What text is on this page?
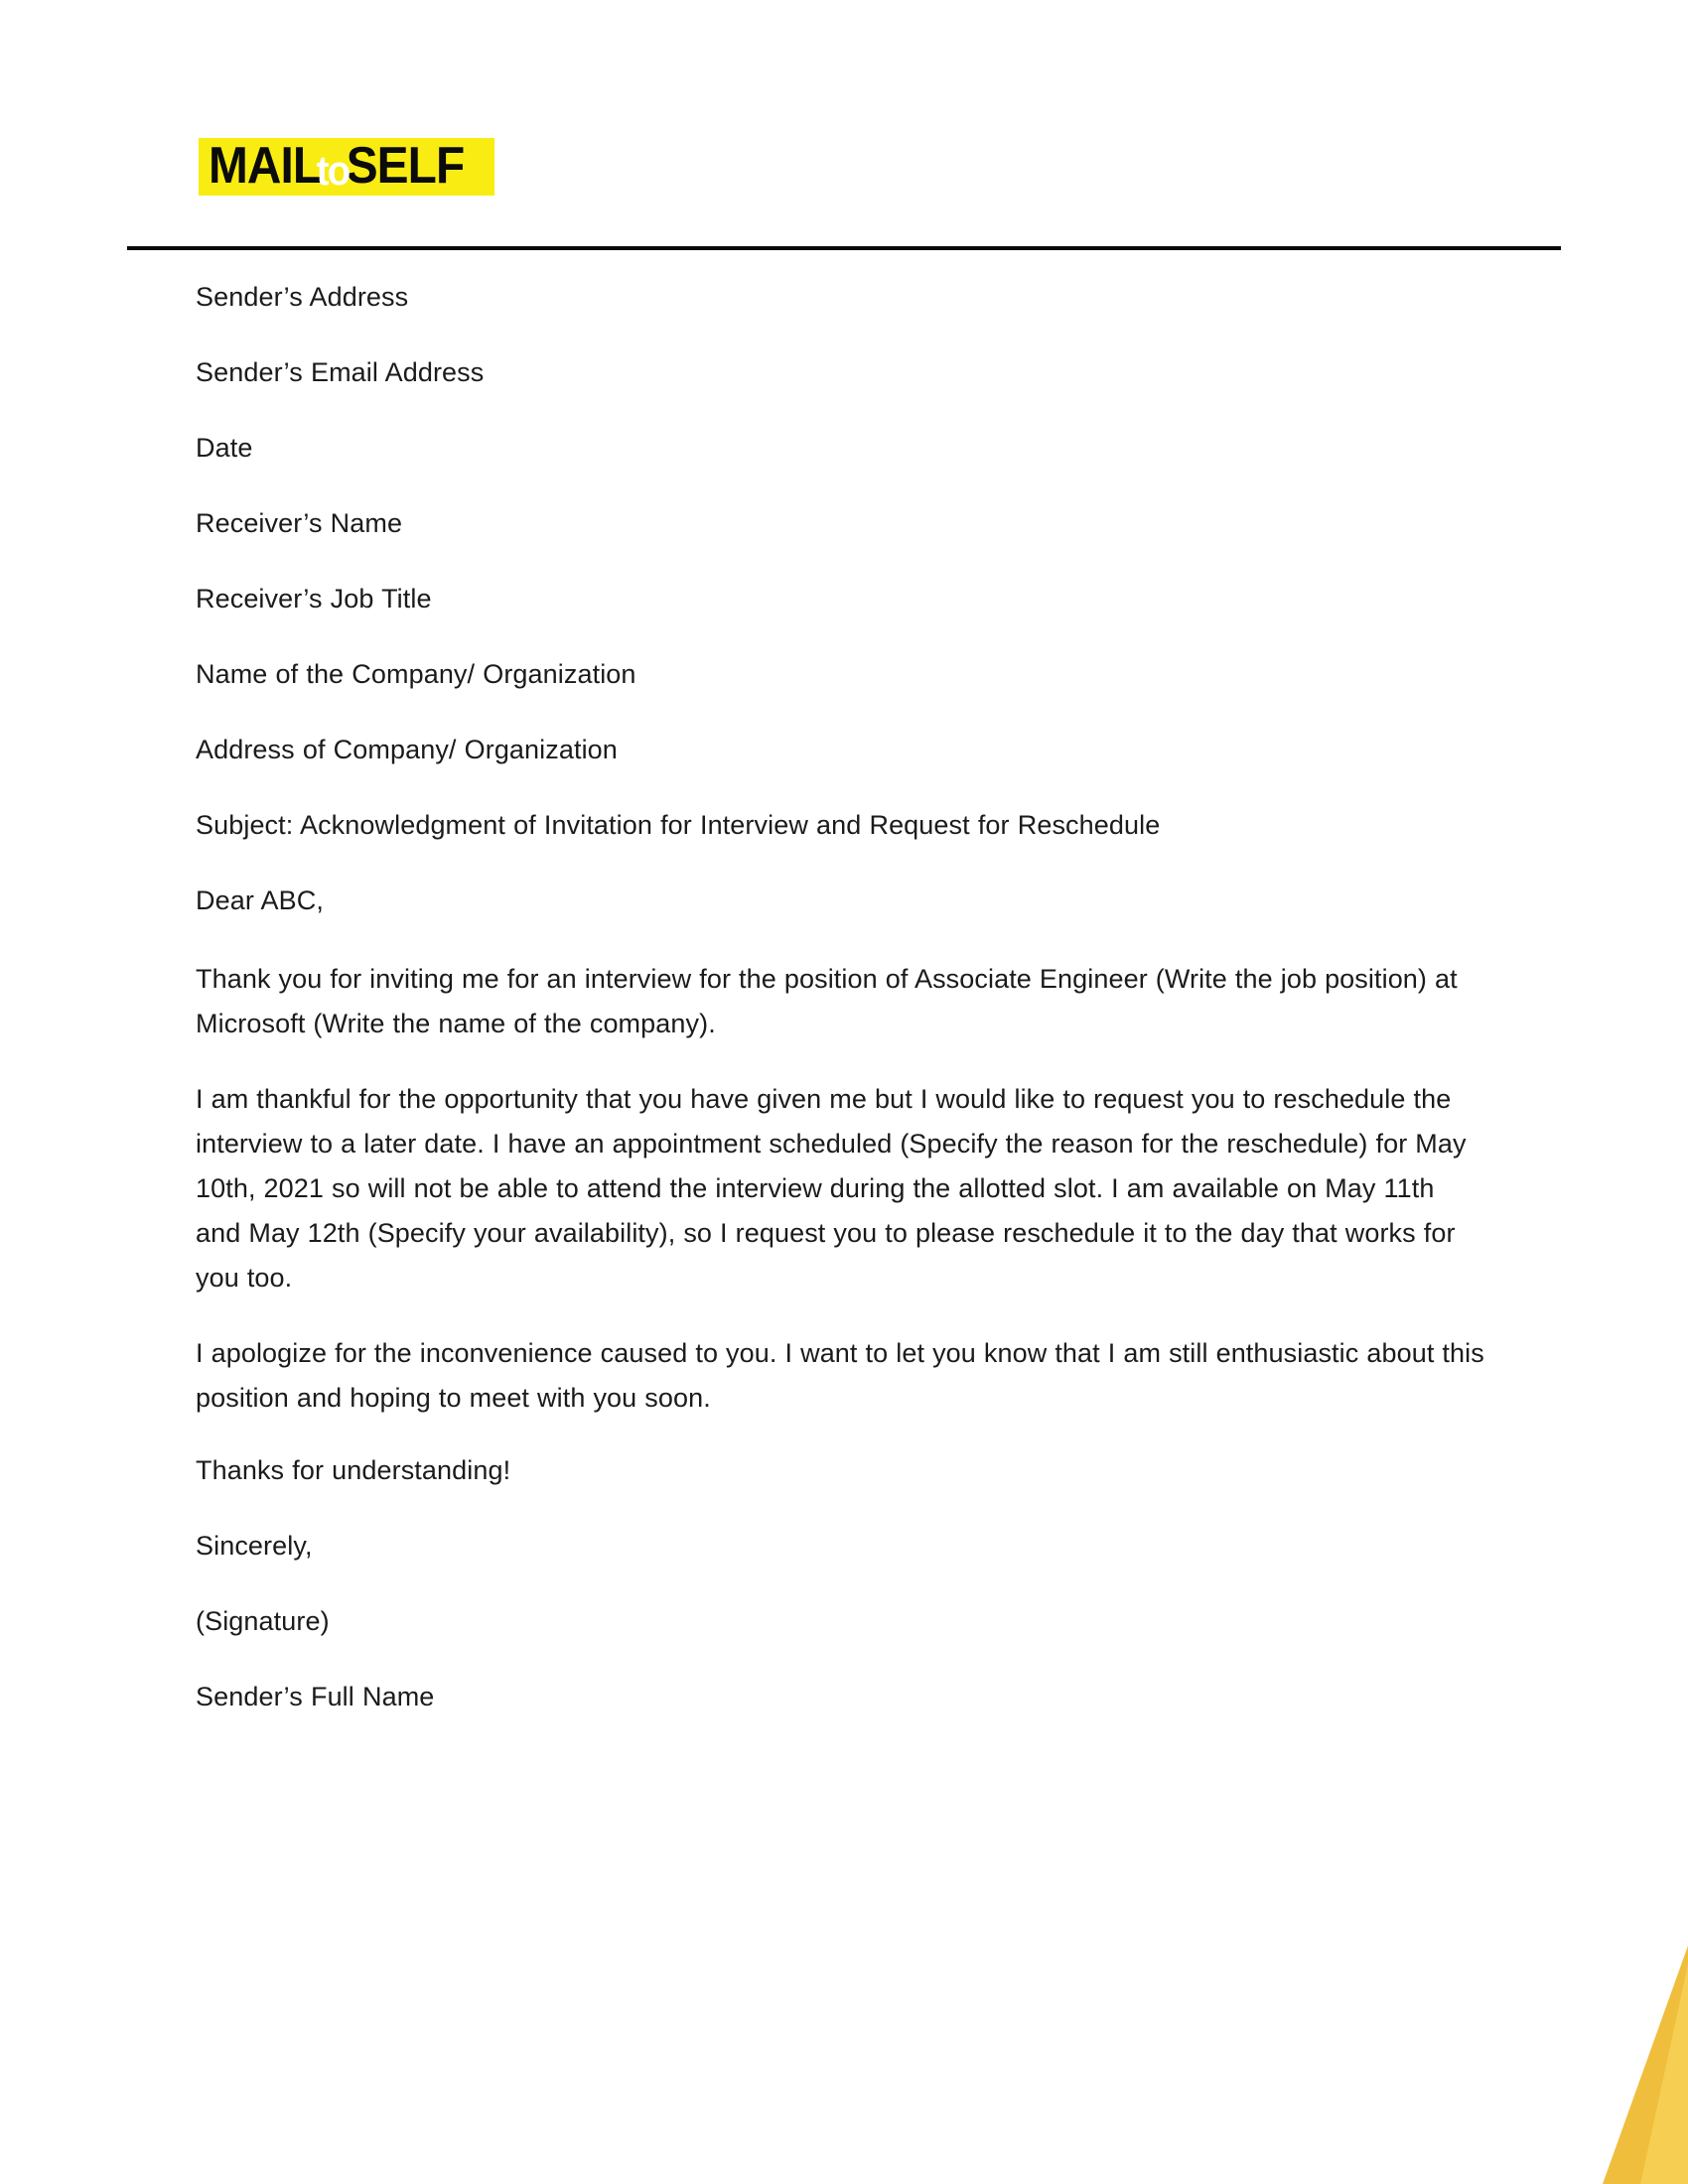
MAILtoSELF

Sender’s Address

Sender’s Email Address

Date

Receiver’s Name

Receiver’s Job Title

Name of the Company/ Organization

Address of Company/ Organization

Subject: Acknowledgment of Invitation for Interview and Request for Reschedule

Dear ABC,

Thank you for inviting me for an interview for the position of Associate Engineer (Write the job position) at Microsoft (Write the name of the company).

I am thankful for the opportunity that you have given me but I would like to request you to reschedule the interview to a later date. I have an appointment scheduled (Specify the reason for the reschedule) for May 10th, 2021 so will not be able to attend the interview during the allotted slot. I am available on May 11th and May 12th (Specify your availability), so I request you to please reschedule it to the day that works for you too.

I apologize for the inconvenience caused to you. I want to let you know that I am still enthusiastic about this position and hoping to meet with you soon.

Thanks for understanding!

Sincerely,

(Signature)

Sender’s Full Name
